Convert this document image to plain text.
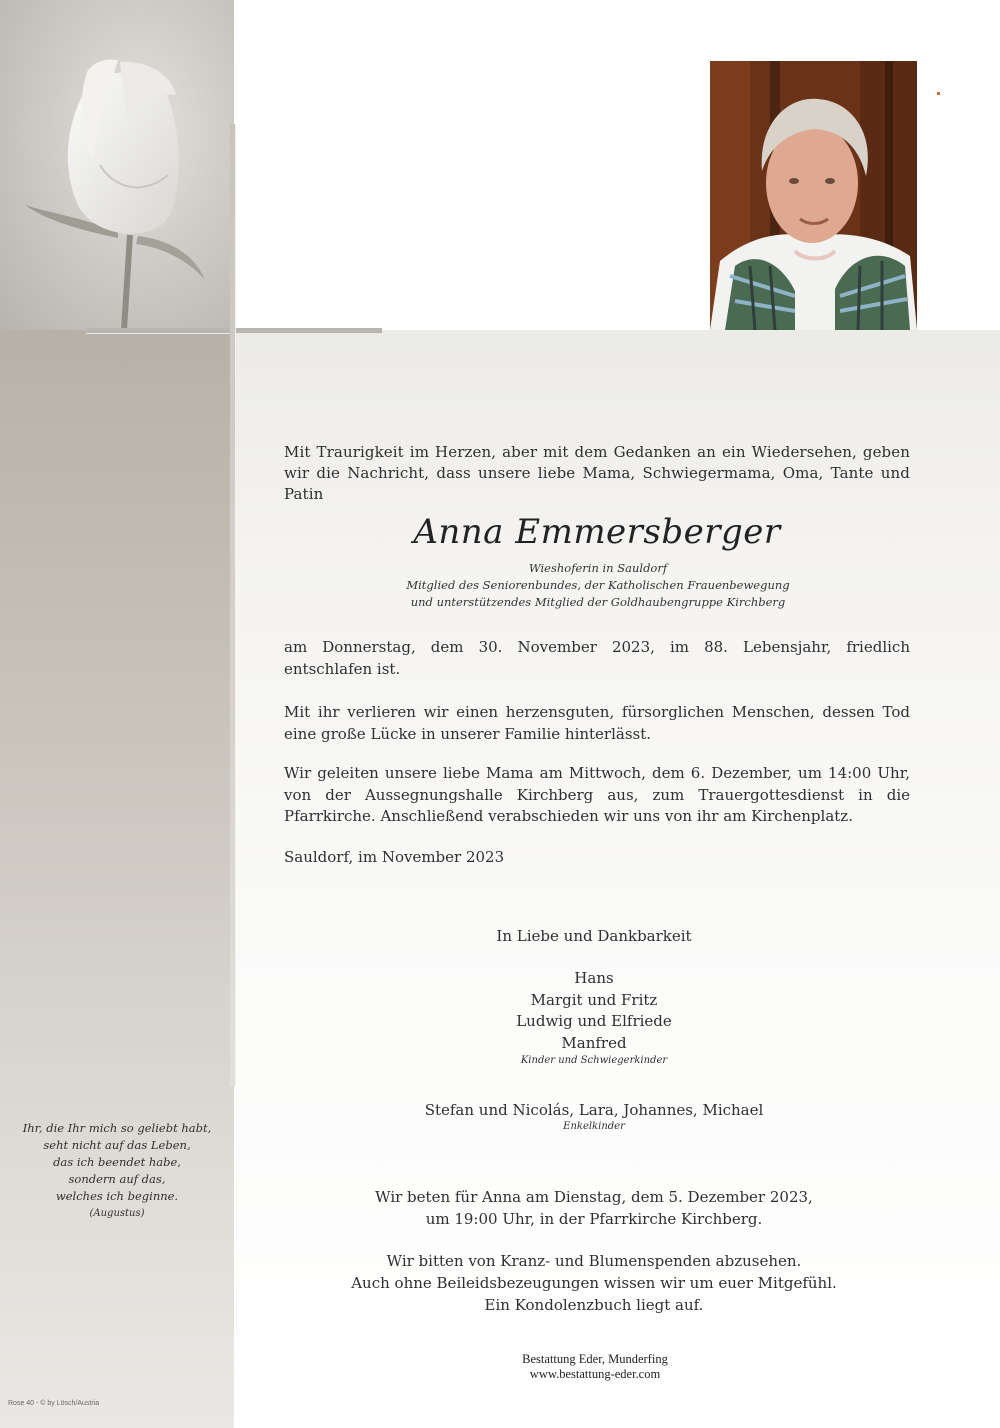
Mit Traurigkeit im Herzen, aber mit dem Gedanken an ein Wiedersehen, geben wir die Nachricht, dass unsere liebe Mama, Schwiegermama, Oma, Tante und Patin
Anna Emmersberger
Wieshoferin in Sauldorf
Mitglied des Seniorenbundes, der Katholischen Frauenbewegung
und unterstützendes Mitglied der Goldhaubengruppe Kirchberg
am Donnerstag, dem 30. November 2023, im 88. Lebensjahr, friedlich entschlafen ist.
Mit ihr verlieren wir einen herzensguten, fürsorglichen Menschen, dessen Tod eine große Lücke in unserer Familie hinterlässt.
Wir geleiten unsere liebe Mama am Mittwoch, dem 6. Dezember, um 14:00 Uhr, von der Aussegnungshalle Kirchberg aus, zum Trauergottesdienst in die Pfarrkirche. Anschließend verabschieden wir uns von ihr am Kirchenplatz.
Sauldorf, im November 2023
In Liebe und Dankbarkeit
Hans
Margit und Fritz
Ludwig und Elfriede
Manfred
Kinder und Schwiegerkinder
Stefan und Nicolás, Lara, Johannes, Michael
Enkelkinder
Wir beten für Anna am Dienstag, dem 5. Dezember 2023,
um 19:00 Uhr, in der Pfarrkirche Kirchberg.
Wir bitten von Kranz- und Blumenspenden abzusehen.
Auch ohne Beileidsbezeugungen wissen wir um euer Mitgefühl.
Ein Kondolenzbuch liegt auf.
Ihr, die Ihr mich so geliebt habt,
seht nicht auf das Leben,
das ich beendet habe,
sondern auf das,
welches ich beginne.
(Augustus)
Bestattung Eder, Munderfing
www.bestattung-eder.com
Rose 40 - © by Lösch/Austria
